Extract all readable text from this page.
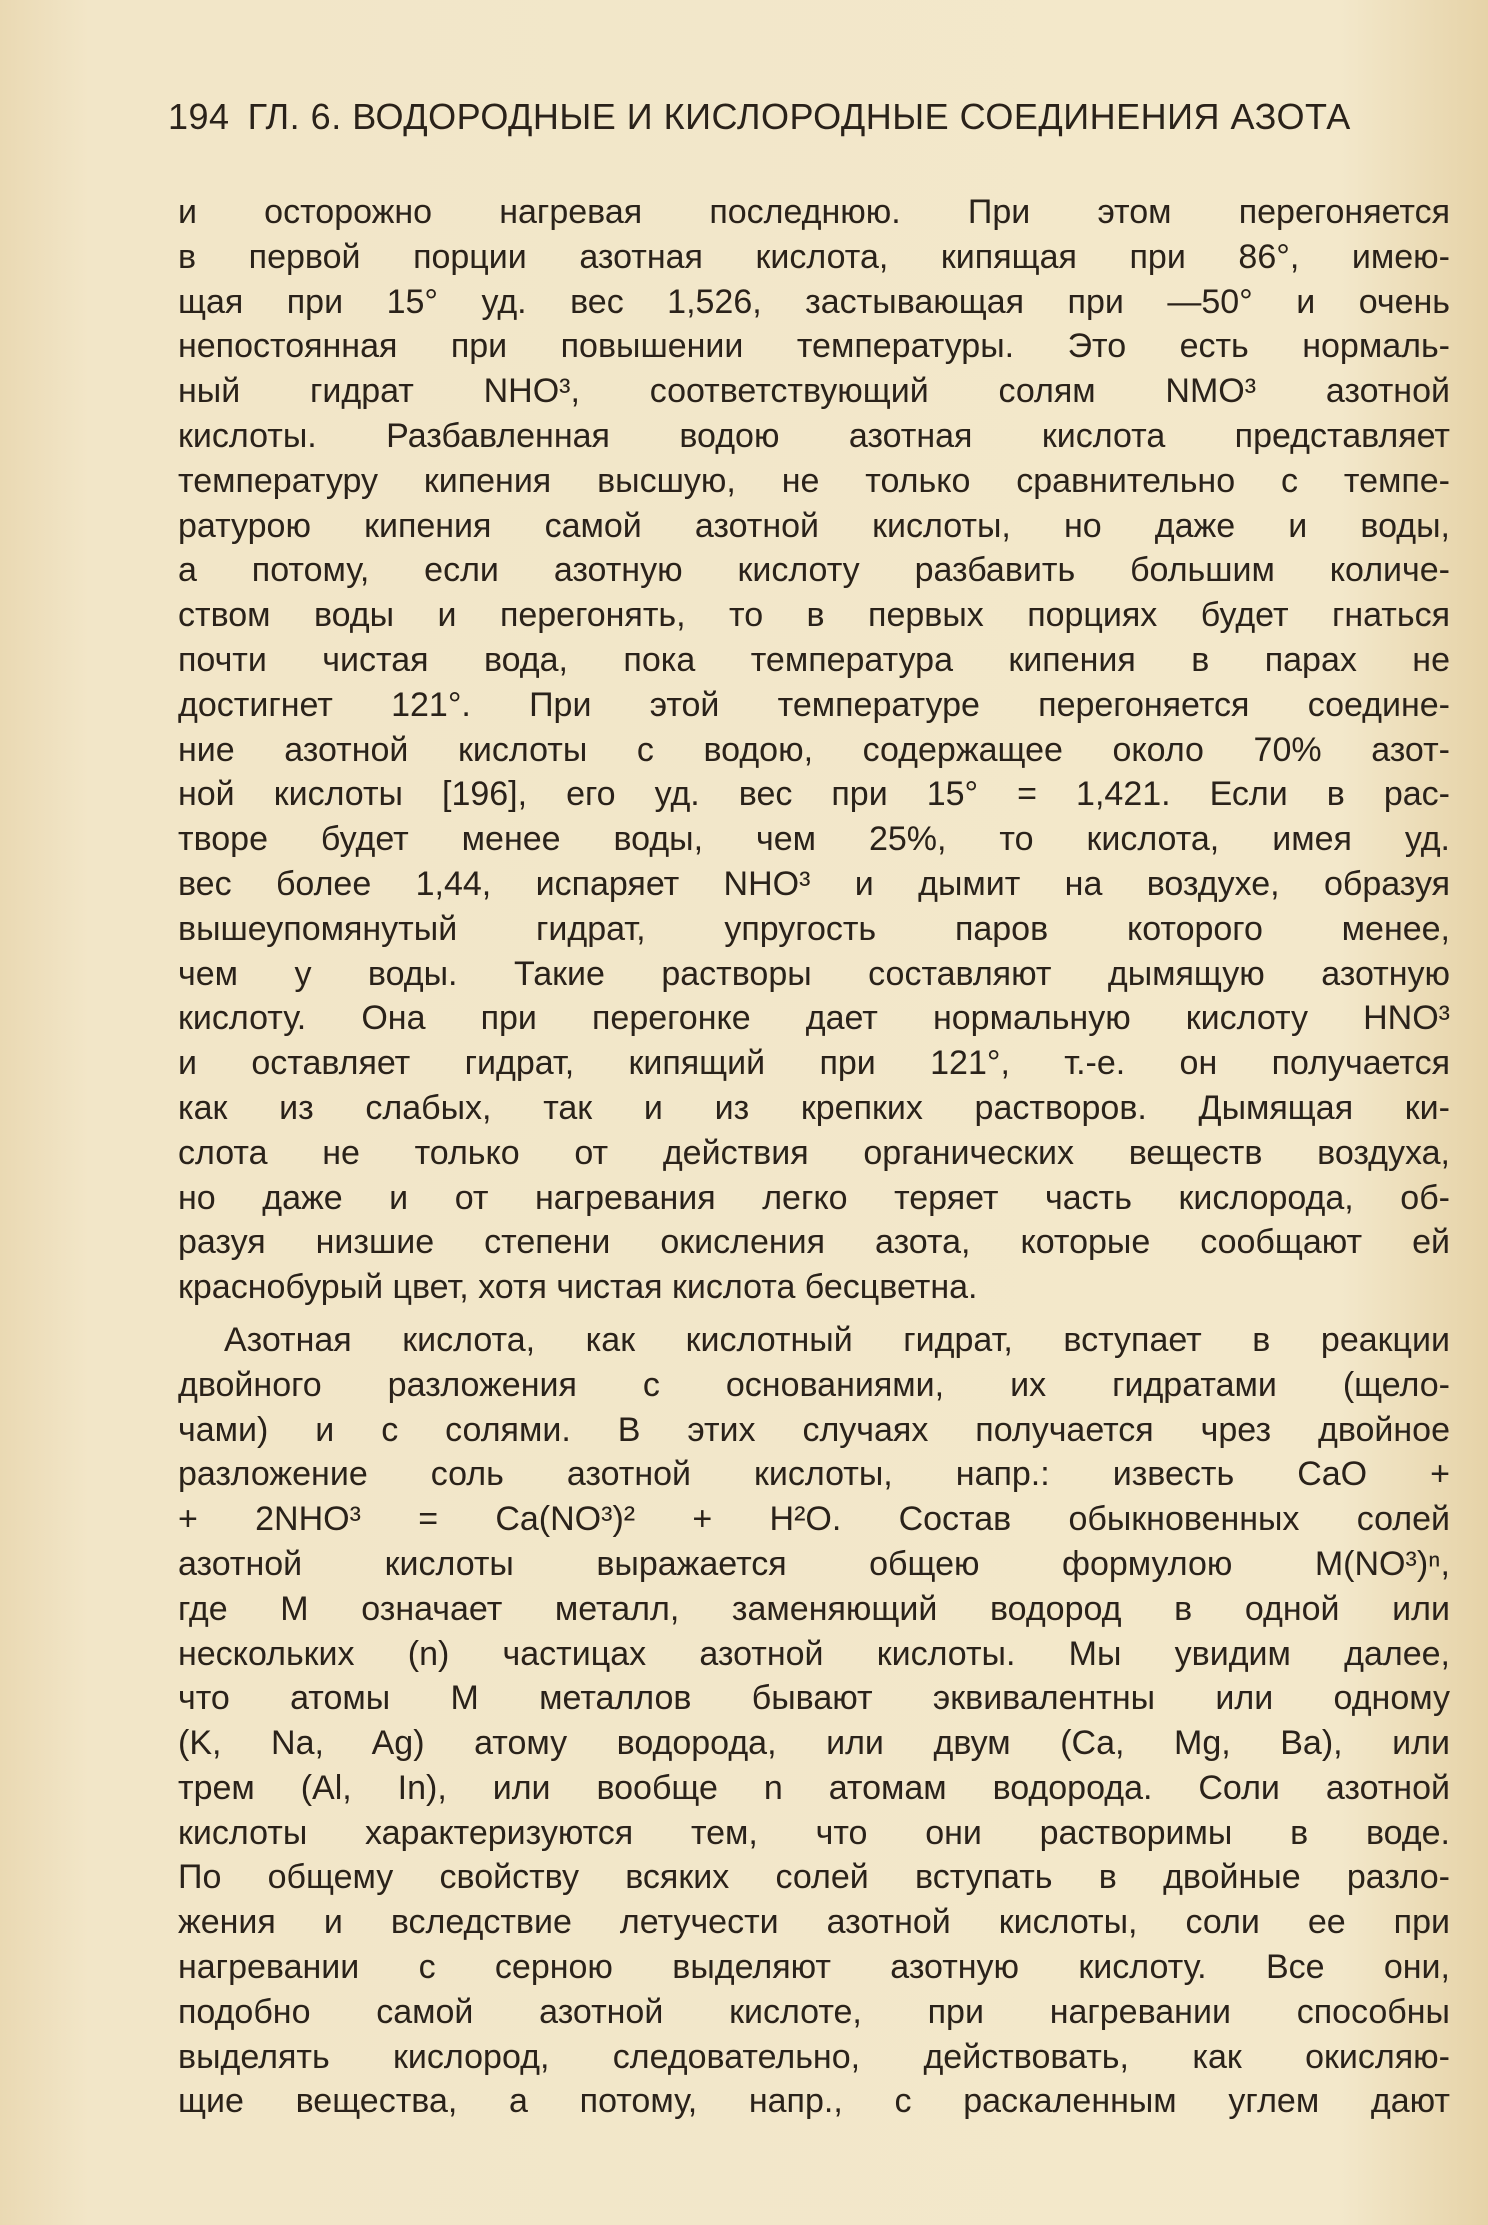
194 ГЛ. 6. ВОДОРОДНЫЕ И КИСЛОРОДНЫЕ СОЕДИНЕНИЯ АЗОТА
и осторожно нагревая последнюю. При этом перегоняется
в первой порции азотная кислота, кипящая при 86°, имею-
щая при 15° уд. вес 1,526, застывающая при —50° и очень
непостоянная при повышении температуры. Это есть нормаль-
ный гидрат NHO³, соответствующий солям NMO³ азотной
кислоты. Разбавленная водою азотная кислота представляет
температуру кипения высшую, не только сравнительно с темпе-
ратурою кипения самой азотной кислоты, но даже и воды,
а потому, если азотную кислоту разбавить большим количе-
ством воды и перегонять, то в первых порциях будет гнаться
почти чистая вода, пока температура кипения в парах не
достигнет 121°. При этой температуре перегоняется соедине-
ние азотной кислоты с водою, содержащее около 70% азот-
ной кислоты [196], его уд. вес при 15° = 1,421. Если в рас-
творе будет менее воды, чем 25%, то кислота, имея уд.
вес более 1,44, испаряет NHO³ и дымит на воздухе, образуя
вышеупомянутый гидрат, упругость паров которого менее,
чем у воды. Такие растворы составляют дымящую азотную
кислоту. Она при перегонке дает нормальную кислоту HNO³
и оставляет гидрат, кипящий при 121°, т.-е. он получается
как из слабых, так и из крепких растворов. Дымящая ки-
слота не только от действия органических веществ воздуха,
но даже и от нагревания легко теряет часть кислорода, об-
разуя низшие степени окисления азота, которые сообщают ей
краснобурый цвет, хотя чистая кислота бесцветна.
Азотная кислота, как кислотный гидрат, вступает в реакции
двойного разложения с основаниями, их гидратами (щело-
чами) и с солями. В этих случаях получается чрез двойное
разложение соль азотной кислоты, напр.: известь CaO +
+ 2NHO³ = Ca(NO³)² + H²O. Состав обыкновенных солей
азотной кислоты выражается общею формулою M(NO³)ⁿ,
где M означает металл, заменяющий водород в одной или
нескольких (n) частицах азотной кислоты. Мы увидим далее,
что атомы M металлов бывают эквивалентны или одному
(K, Na, Ag) атому водорода, или двум (Ca, Mg, Ba), или
трем (Al, In), или вообще n атомам водорода. Соли азотной
кислоты характеризуются тем, что они растворимы в воде.
По общему свойству всяких солей вступать в двойные разло-
жения и вследствие летучести азотной кислоты, соли ее при
нагревании с серною выделяют азотную кислоту. Все они,
подобно самой азотной кислоте, при нагревании способны
выделять кислород, следовательно, действовать, как окисляю-
щие вещества, а потому, напр., с раскаленным углем дают
